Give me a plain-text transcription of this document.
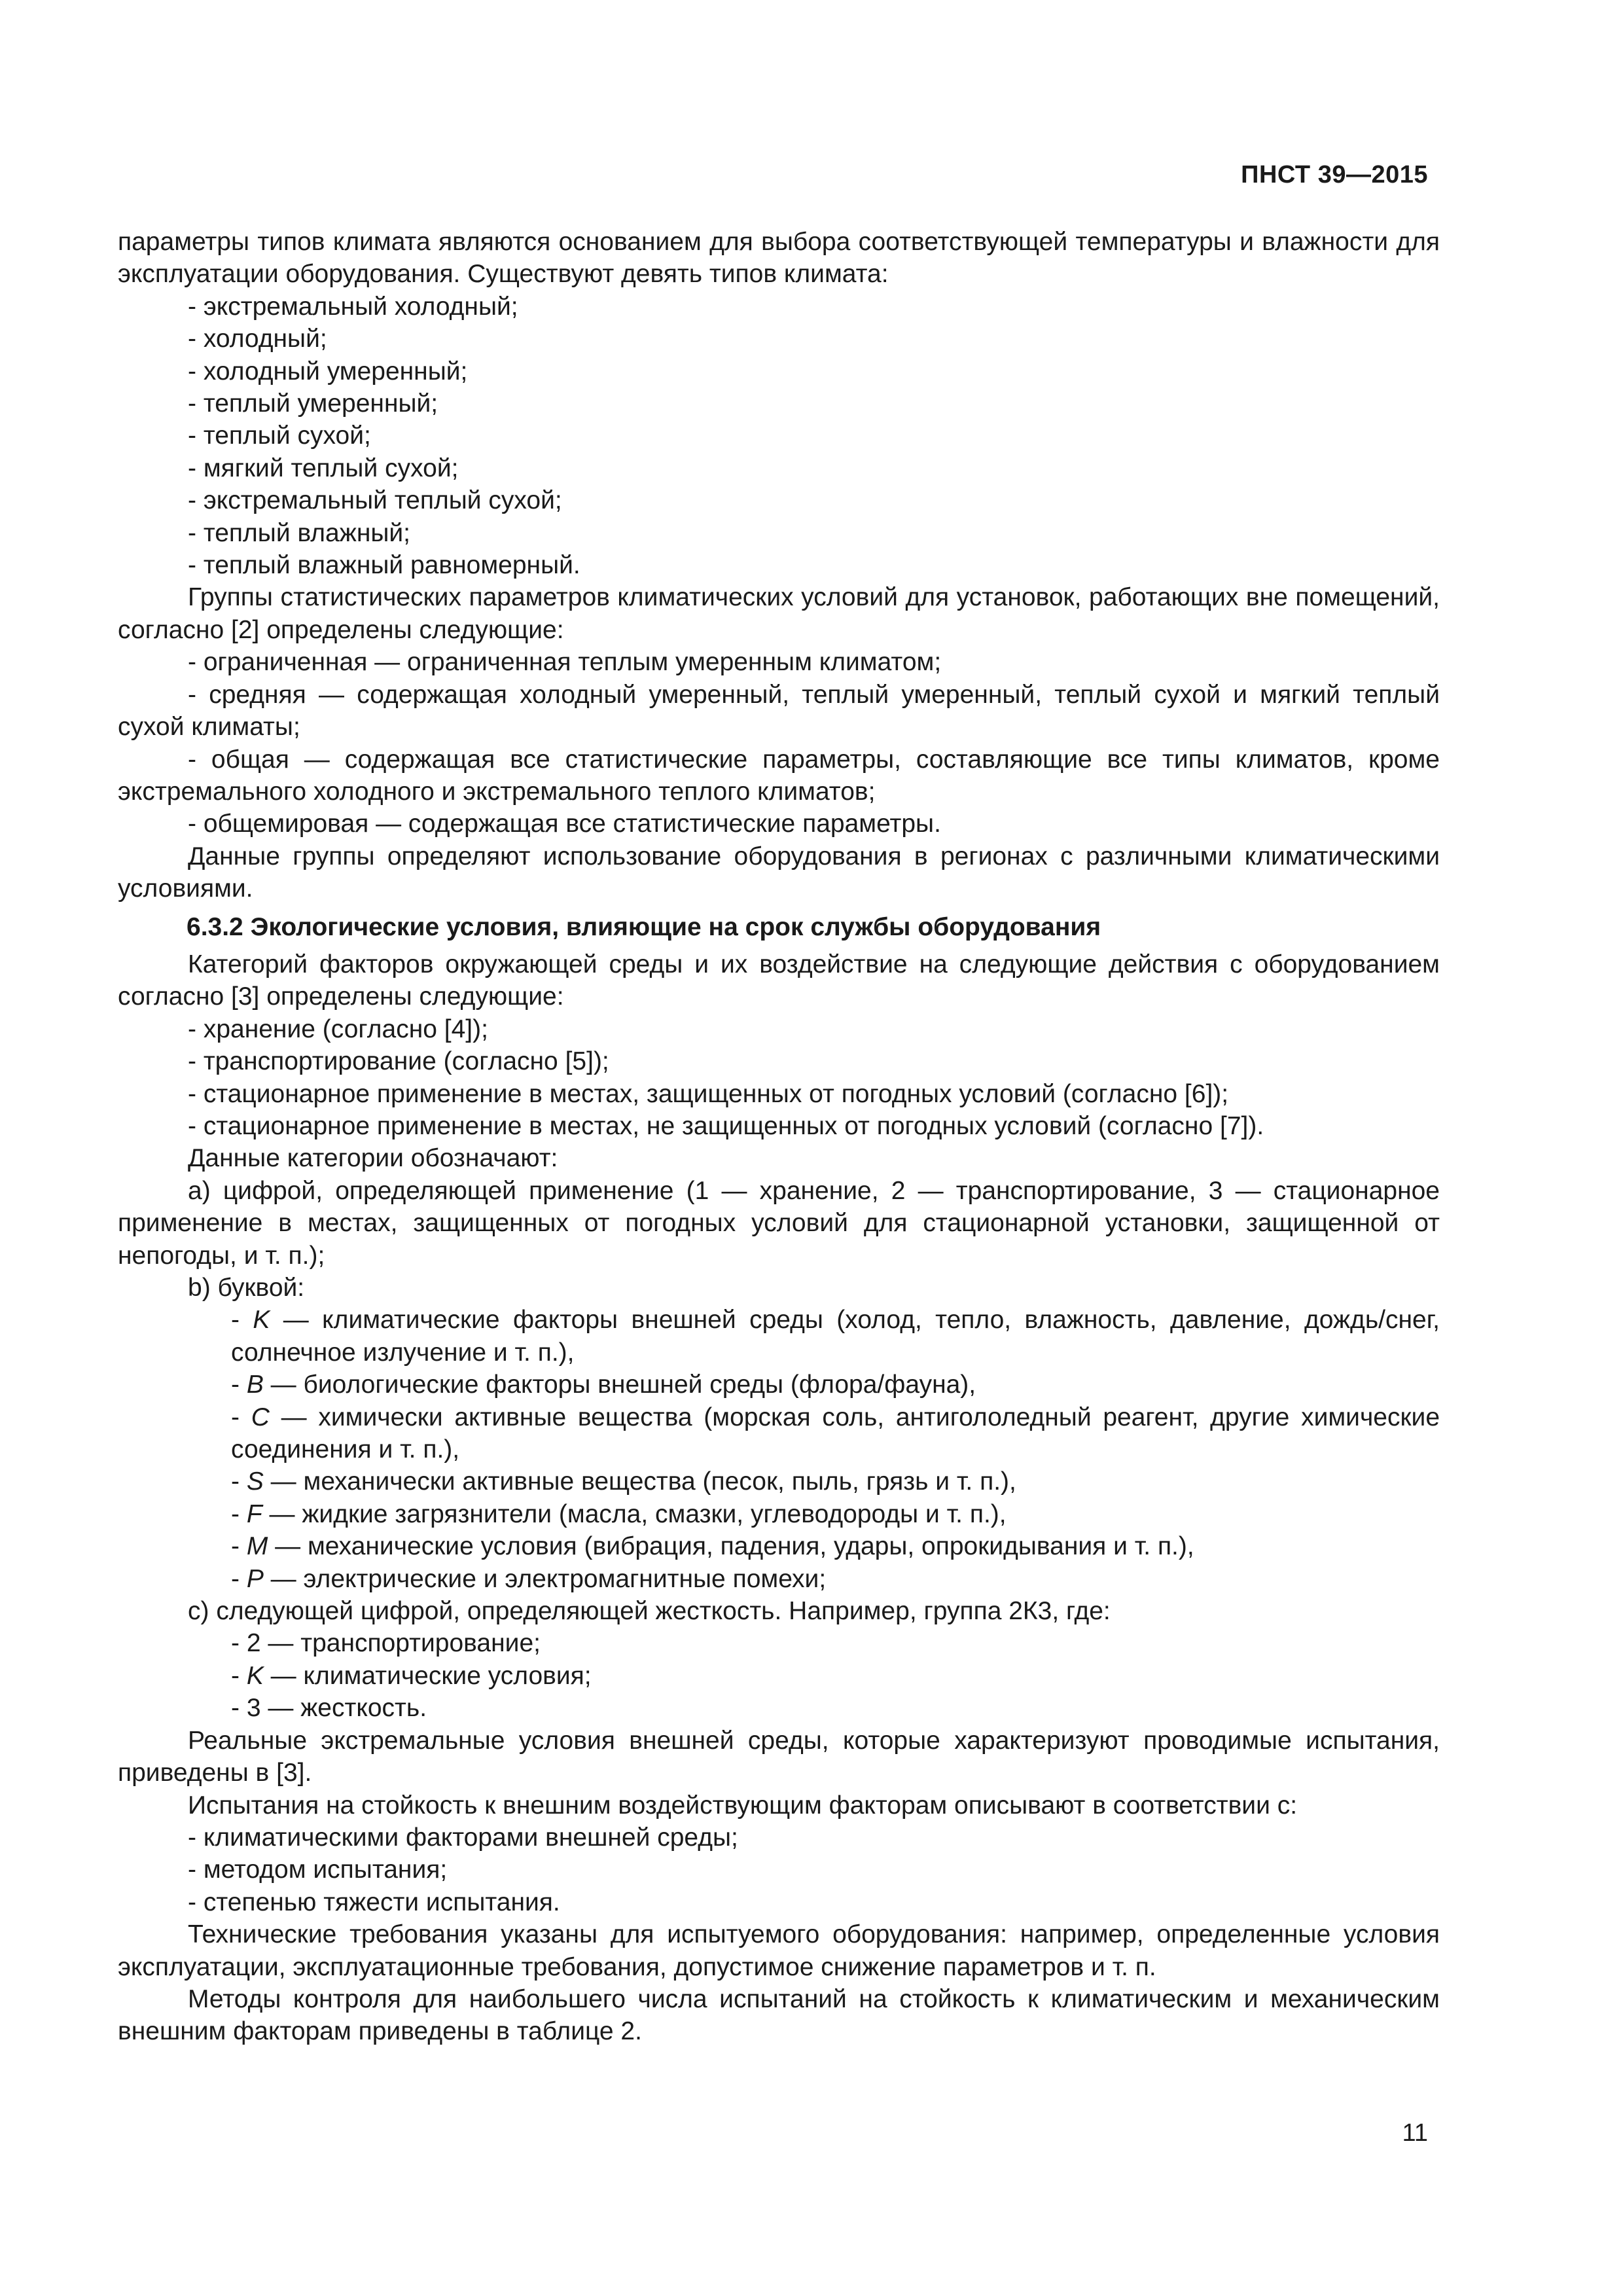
ПНСТ 39—2015

параметры типов климата являются основанием для выбора соответствующей температуры и влажности для эксплуатации оборудования. Существуют девять типов климата:

- экстремальный холодный;

- холодный;

- холодный умеренный;

- теплый умеренный;

- теплый сухой;

- мягкий теплый сухой;

- экстремальный теплый сухой;

- теплый влажный;

- теплый влажный равномерный.

Группы статистических параметров климатических условий для установок, работающих вне помещений, согласно [2] определены следующие:

- ограниченная — ограниченная теплым умеренным климатом;

- средняя — содержащая холодный умеренный, теплый умеренный, теплый сухой и мягкий теплый сухой климаты;

- общая — содержащая все статистические параметры, составляющие все типы климатов, кроме экстремального холодного и экстремального теплого климатов;

- общемировая — содержащая все статистические параметры.

Данные группы определяют использование оборудования в регионах с различными климатическими условиями.

6.3.2 Экологические условия, влияющие на срок службы оборудования

Категорий факторов окружающей среды и их воздействие на следующие действия с оборудованием согласно [3] определены следующие:

- хранение (согласно [4]);

- транспортирование (согласно [5]);

- стационарное применение в местах, защищенных от погодных условий (согласно [6]);

- стационарное применение в местах, не защищенных от погодных условий (согласно [7]).

Данные категории обозначают:

а) цифрой, определяющей применение (1 — хранение, 2 — транспортирование, 3 — стационарное применение в местах, защищенных от погодных условий для стационарной установки, защищенной от непогоды, и т. п.);

b) буквой:

- K — климатические факторы внешней среды (холод, тепло, влажность, давление, дождь/снег, солнечное излучение и т. п.),

- B — биологические факторы внешней среды (флора/фауна),

- C — химически активные вещества (морская соль, антигололедный реагент, другие химические соединения и т. п.),

- S — механически активные вещества (песок, пыль, грязь и т. п.),

- F — жидкие загрязнители (масла, смазки, углеводороды и т. п.),

- M — механические условия (вибрация, падения, удары, опрокидывания и т. п.),

- P — электрические и электромагнитные помехи;

с) следующей цифрой, определяющей жесткость. Например, группа 2К3, где:

- 2 — транспортирование;

- K — климатические условия;

- 3 — жесткость.

Реальные экстремальные условия внешней среды, которые характеризуют проводимые испытания, приведены в [3].

Испытания на стойкость к внешним воздействующим факторам описывают в соответствии с:

- климатическими факторами внешней среды;

- методом испытания;

- степенью тяжести испытания.

Технические требования указаны для испытуемого оборудования: например, определенные условия эксплуатации, эксплуатационные требования, допустимое снижение параметров и т. п.

Методы контроля для наибольшего числа испытаний на стойкость к климатическим и механическим внешним факторам приведены в таблице 2.

11
